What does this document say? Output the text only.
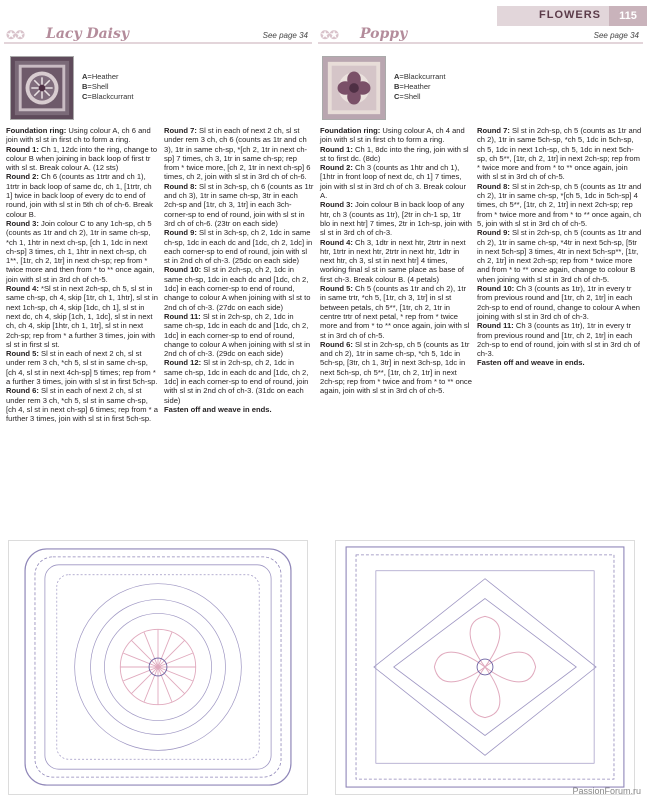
FLOWERS	115
✪✪ Lacy Daisy	See page 34
A=Heather
B=Shell
C=Blackcurrant

Foundation ring: Using colour A, ch 6 and join with sl st in first ch to form a ring.

Round 1: Ch 1, 12dc into the ring, change to colour B when joining in back loop of first tr with sl st. Break colour A. (12 sts)

Round 2: Ch 6 (counts as 1trtr and ch 1), 1trtr in back loop of same dc, ch 1, [1trtr, ch 1] twice in back loop of every dc to end of round, join with sl st in 5th ch of ch-6. Break colour B.

Round 3: Join colour C to any 1ch-sp, ch 5 (counts as 1tr and ch 2), 1tr in same ch-sp, *ch 1, 1htr in next ch-sp, [ch 1, 1dc in next ch-sp] 3 times, ch 1, 1htr in next ch-sp, ch 1**, [1tr, ch 2, 1tr] in next ch-sp; rep from * twice more and then from * to ** once again, join with sl st in 3rd ch of ch-5.

Round 4: *Sl st in next 2ch-sp, ch 5, sl st in same ch-sp, ch 4, skip [1tr, ch 1, 1htr], sl st in next 1ch-sp, ch 4, skip [1dc, ch 1], sl st in next dc, ch 4, skip [1ch, 1, 1dc], sl st in next ch, ch 4, skip [1htr, ch 1, 1tr], sl st in next 2ch-sp; rep from * a further 3 times, join with sl st in first sl st.

Round 5: Sl st in each of next 2 ch, sl st under rem 3 ch, *ch 5, sl st in same ch-sp, [ch 4, sl st in next 4ch-sp] 5 times; rep from * a further 3 times, join with sl st in first 5ch-sp.

Round 6: Sl st in each of next 2 ch, sl st under rem 3 ch, *ch 5, sl st in same ch-sp, [ch 4, sl st in next ch-sp] 6 times; rep from * a further 3 times, join with sl st in first 5ch-sp.

Round 7: Sl st in each of next 2 ch, sl st under rem 3 ch, ch 6 (counts as 1tr and ch 3), 1tr in same ch-sp, *[ch 2, 1tr in next ch-sp] 7 times, ch 3, 1tr in same ch-sp; rep from * twice more, [ch 2, 1tr in next ch-sp] 6 times, ch 2, join with sl st in 3rd ch of ch-6.

Round 8: Sl st in 3ch-sp, ch 6 (counts as 1tr and ch 3), 1tr in same ch-sp, 3tr in each 2ch-sp and [1tr, ch 3, 1tr] in each 3ch-corner-sp to end of round, join with sl st in 3rd ch of ch-6. (23tr on each side)

Round 9: Sl st in 3ch-sp, ch 2, 1dc in same ch-sp, 1dc in each dc and [1dc, ch 2, 1dc] in each corner-sp to end of round, join with sl st in 2nd ch of ch-3. (25dc on each side)

Round 10: Sl st in 2ch-sp, ch 2, 1dc in same ch-sp, 1dc in each dc and [1dc, ch 2, 1dc] in each corner-sp to end of round, change to colour A when joining with sl st to 2nd ch of ch-3. (27dc on each side)

Round 11: Sl st in 2ch-sp, ch 2, 1dc in same ch-sp, 1dc in each dc and [1dc, ch 2, 1dc] in each corner-sp to end of round, change to colour A when joining with sl st in 2nd ch of ch-3. (29dc on each side)

Round 12: Sl st in 2ch-sp, ch 2, 1dc in same ch-sp, 1dc in each dc and [1dc, ch 2, 1dc] in each corner-sp to end of round, join with sl st in 2nd ch of ch-3. (31dc on each side)

Fasten off and weave in ends.

✪✪ Poppy	See page 34
A=Blackcurrant
B=Heather
C=Shell

Foundation ring: Using colour A, ch 4 and join with sl st in first ch to form a ring.

Round 1: Ch 1, 8dc into the ring, join with sl st to first dc. (8dc)

Round 2: Ch 3 (counts as 1htr and ch 1), [1htr in front loop of next dc, ch 1] 7 times, join with sl st in 3rd ch of ch 3. Break colour A.

Round 3: Join colour B in back loop of any htr, ch 3 (counts as 1tr), [2tr in ch-1 sp, 1tr blo in next htr] 7 times, 2tr in 1ch-sp, join with sl st in 3rd ch of ch-3.

Round 4: Ch 3, 1dtr in next htr, 2trtr in next htr, 1trtr in next htr, 2trtr in next htr, 1dtr in next htr, ch 3, sl st in next htr] 4 times, working final sl st in same place as base of first ch-3. Break colour B. (4 petals)

Round 5: Ch 5 (counts as 1tr and ch 2), 1tr in same trtr, *ch 5, [1tr, ch 3, 1tr] in sl st between petals, ch 5**, [1tr, ch 2, 1tr in centre trtr of next petal, * rep from * twice more and from * to ** once again, join with sl st in 3rd ch of ch-5.

Round 6: Sl st in 2ch-sp, ch 5 (counts as 1tr and ch 2), 1tr in same ch-sp, *ch 5, 1dc in 5ch-sp, [3tr, ch 1, 3tr] in next 3ch-sp, 1dc in next 5ch-sp, ch 5**, [1tr, ch 2, 1tr] in next 2ch-sp; rep from * twice and from * to ** once again, join with sl st in 3rd ch of ch-5.

Round 7: Sl st in 2ch-sp, ch 5 (counts as 1tr and ch 2), 1tr in same 5ch-sp, *ch 5, 1dc in 5ch-sp, ch 5, 1dc in next 1ch-sp, ch 5, 1dc in next 5ch-sp, ch 5**, [1tr, ch 2, 1tr] in next 2ch-sp; rep from * twice more and from * to ** once again, join with sl st in 3rd ch of ch-5.

Round 8: Sl st in 2ch-sp, ch 5 (counts as 1tr and ch 2), 1tr in same ch-sp, *[ch 5, 1dc in 5ch-sp] 4 times, ch 5**, [1tr, ch 2, 1tr] in next 2ch-sp; rep from * twice more and from * to ** once again, ch 5, join with sl st in 3rd ch of ch-5.

Round 9: Sl st in 2ch-sp, ch 5 (counts as 1tr and ch 2), 1tr in same ch-sp, *4tr in next 5ch-sp, [5tr in next 5ch-sp] 3 times, 4tr in next 5ch-sp**, [1tr, ch 2, 1tr] in next 2ch-sp; rep from * twice more and from * to ** once again, change to colour B when joining with sl st in 3rd ch of ch-5.

Round 10: Ch 3 (counts as 1tr), 1tr in every tr from previous round and [1tr, ch 2, 1tr] in each 2ch-sp to end of round, change to colour A when joining with sl st in 3rd ch of ch-3.

Round 11: Ch 3 (counts as 1tr), 1tr in every tr from previous round and [1tr, ch 2, 1tr] in each 2ch-sp to end of round, join with sl st in 3rd ch of ch-3.

Fasten off and weave in ends.

PassionForum.ru
